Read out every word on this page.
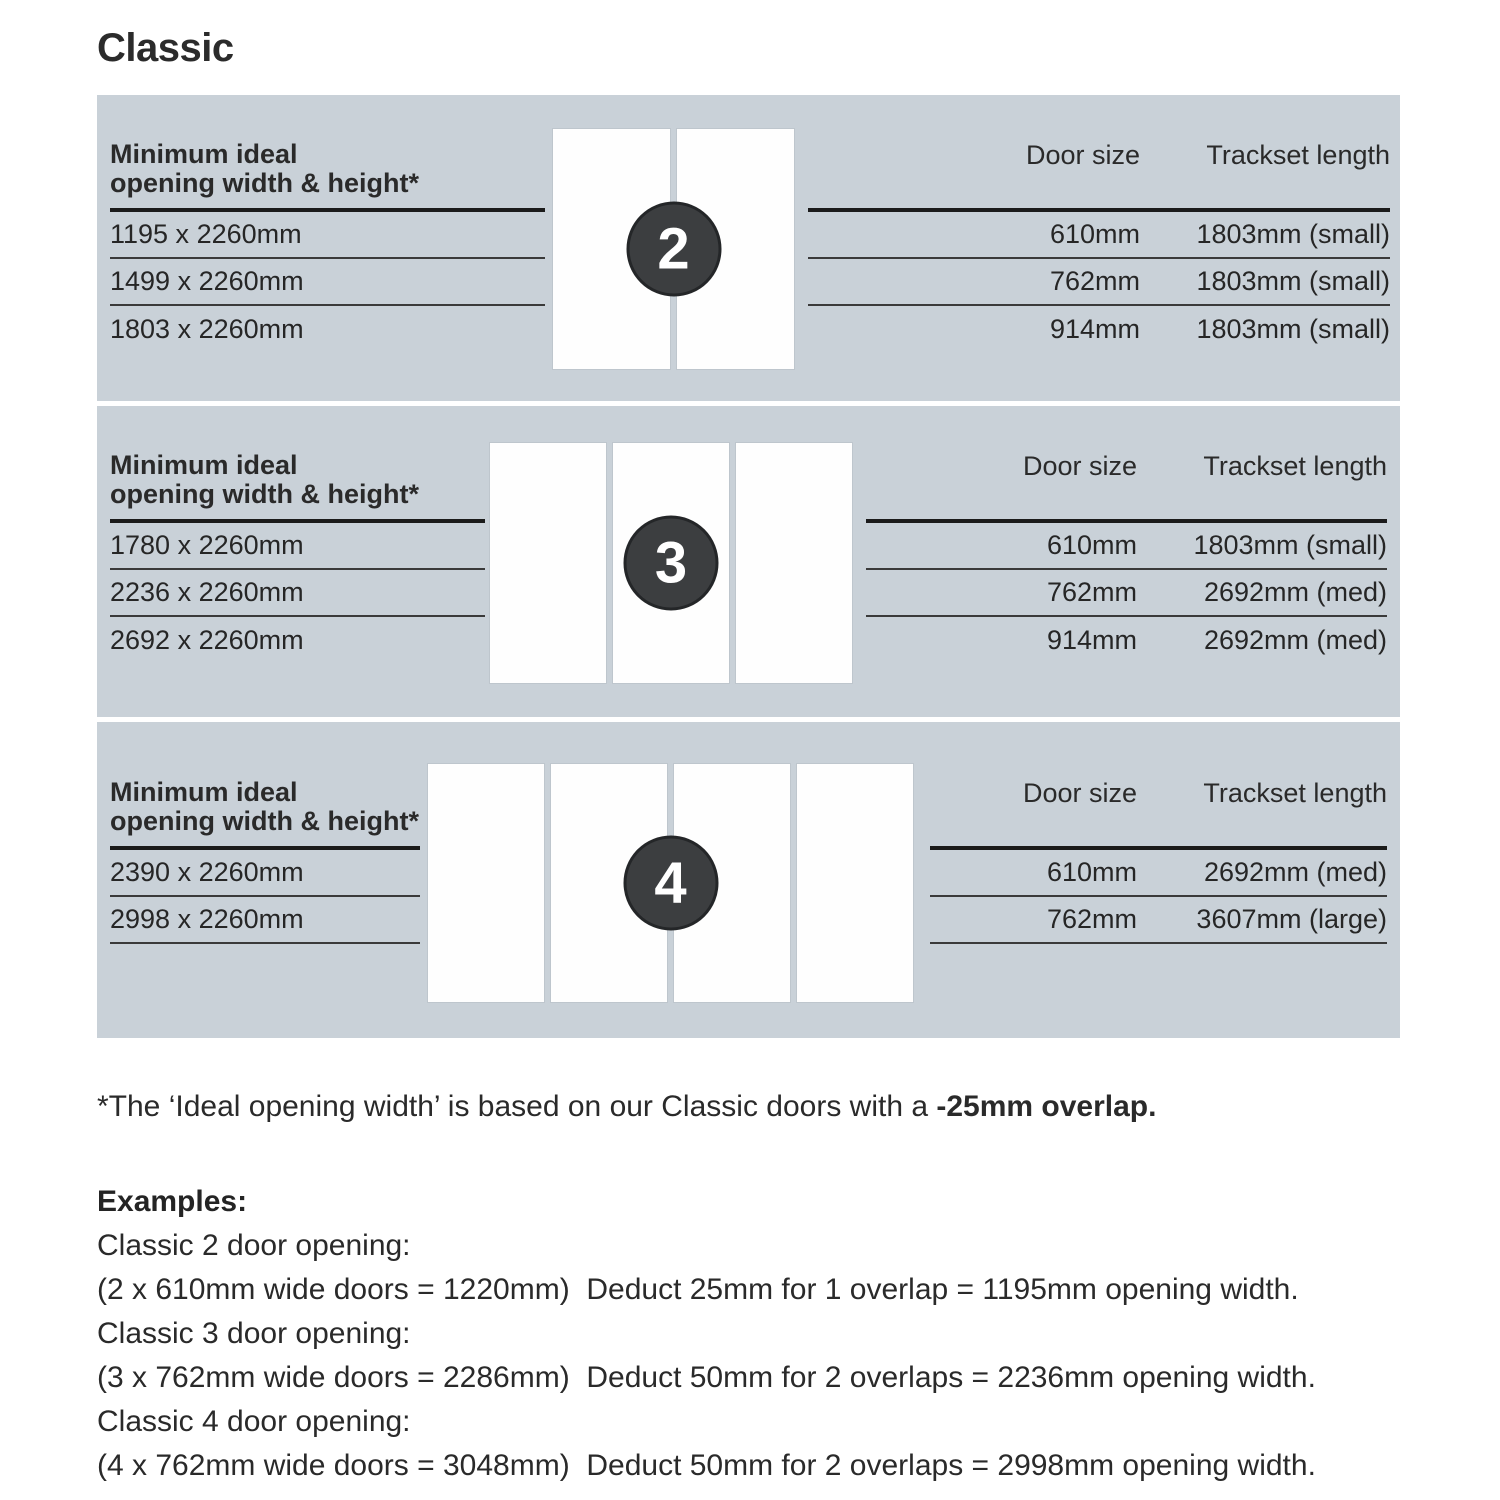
Classic
Minimum ideal
opening width & height*
1195 x 2260mm
1499 x 2260mm
1803 x 2260mm
2
Door size	Trackset length
610mm	1803mm (small)
762mm	1803mm (small)
914mm	1803mm (small)
Minimum ideal
opening width & height*
1780 x 2260mm
2236 x 2260mm
2692 x 2260mm
3
Door size	Trackset length
610mm	1803mm (small)
762mm	2692mm (med)
914mm	2692mm (med)
Minimum ideal
opening width & height*
2390 x 2260mm
2998 x 2260mm
4
Door size	Trackset length
610mm	2692mm (med)
762mm	3607mm (large)

*The ‘Ideal opening width’ is based on our Classic doors with a -25mm overlap.

Examples:
Classic 2 door opening:
(2 x 610mm wide doors = 1220mm)  Deduct 25mm for 1 overlap = 1195mm opening width.
Classic 3 door opening:
(3 x 762mm wide doors = 2286mm)  Deduct 50mm for 2 overlaps = 2236mm opening width.
Classic 4 door opening:
(4 x 762mm wide doors = 3048mm)  Deduct 50mm for 2 overlaps = 2998mm opening width.
